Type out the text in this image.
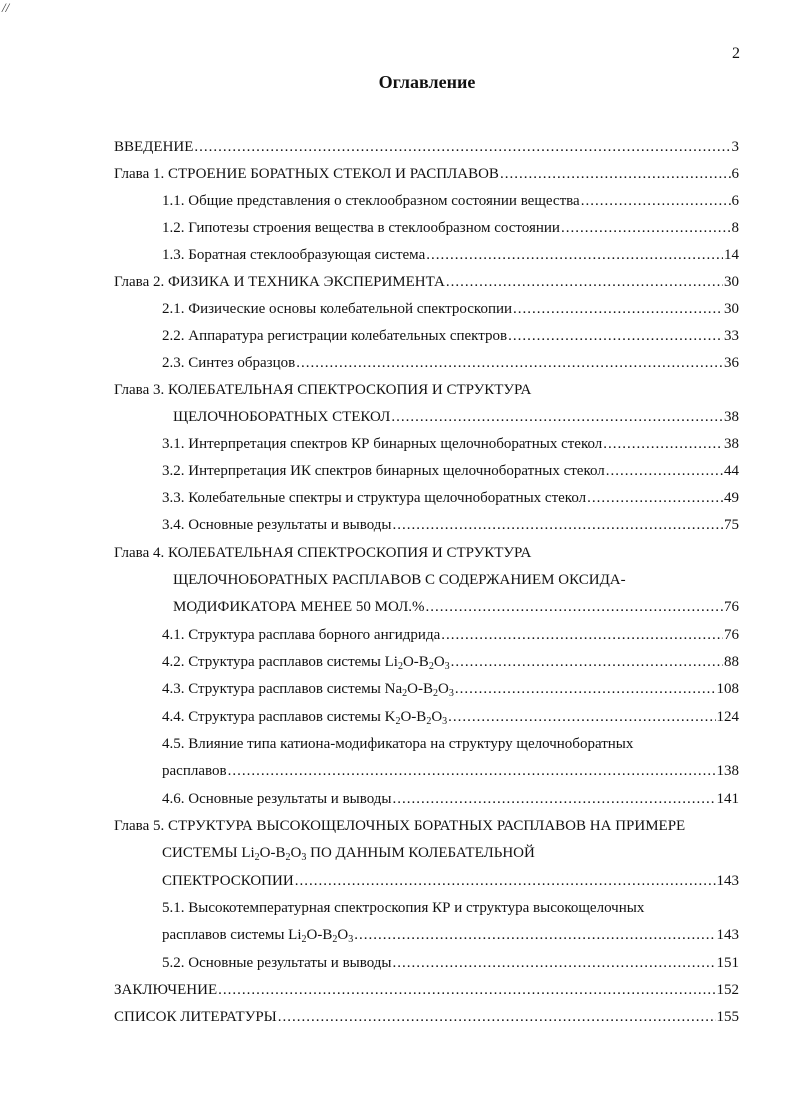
//
2
Оглавление
ВВЕДЕНИЕ .....	3
Глава 1. СТРОЕНИЕ БОРАТНЫХ СТЕКОЛ И РАСПЛАВОВ .....	6
1.1. Общие представления о стеклообразном состоянии вещества .....	6
1.2. Гипотезы строения вещества в стеклообразном состоянии .....	8
1.3. Боратная стеклообразующая система .....	14
Глава 2. ФИЗИКА И ТЕХНИКА ЭКСПЕРИМЕНТА .....	30
2.1. Физические основы колебательной спектроскопии .....	30
2.2. Аппаратура регистрации колебательных спектров .....	33
2.3. Синтез образцов .....	36
Глава 3. КОЛЕБАТЕЛЬНАЯ СПЕКТРОСКОПИЯ И СТРУКТУРА
ЩЕЛОЧНОБОРАТНЫХ СТЕКОЛ .....	38
3.1. Интерпретация спектров КР бинарных щелочноборатных стекол .....	38
3.2. Интерпретация ИК спектров бинарных щелочноборатных стекол .....	44
3.3. Колебательные спектры и структура щелочноборатных стекол .....	49
3.4. Основные результаты и выводы .....	75
Глава 4. КОЛЕБАТЕЛЬНАЯ СПЕКТРОСКОПИЯ И СТРУКТУРА
ЩЕЛОЧНОБОРАТНЫХ РАСПЛАВОВ С СОДЕРЖАНИЕМ ОКСИДА-
МОДИФИКАТОРА МЕНЕЕ 50 МОЛ.% .....	76
4.1. Структура расплава борного ангидрида .....	76
4.2. Структура расплавов системы $Li_2O-B_2O_3$ .....	88
4.3. Структура расплавов системы $Na_2O-B_2O_3$ .....	108
4.4. Структура расплавов системы $K_2O-B_2O_3$ .....	124
4.5. Влияние типа катиона-модификатора на структуру щелочноборатных
расплавов .....	138
4.6. Основные результаты и выводы .....	141
Глава 5. СТРУКТУРА ВЫСОКОЩЕЛОЧНЫХ БОРАТНЫХ РАСПЛАВОВ НА ПРИМЕРЕ
СИСТЕМЫ $Li_2O-B_2O_3$ ПО ДАННЫМ КОЛЕБАТЕЛЬНОЙ
СПЕКТРОСКОПИИ .....	143
5.1. Высокотемпературная спектроскопия КР и структура высокощелочных
расплавов системы $Li_2O-B_2O_3$ .....	143
5.2. Основные результаты и выводы .....	151
ЗАКЛЮЧЕНИЕ .....	152
СПИСОК ЛИТЕРАТУРЫ .....	155
